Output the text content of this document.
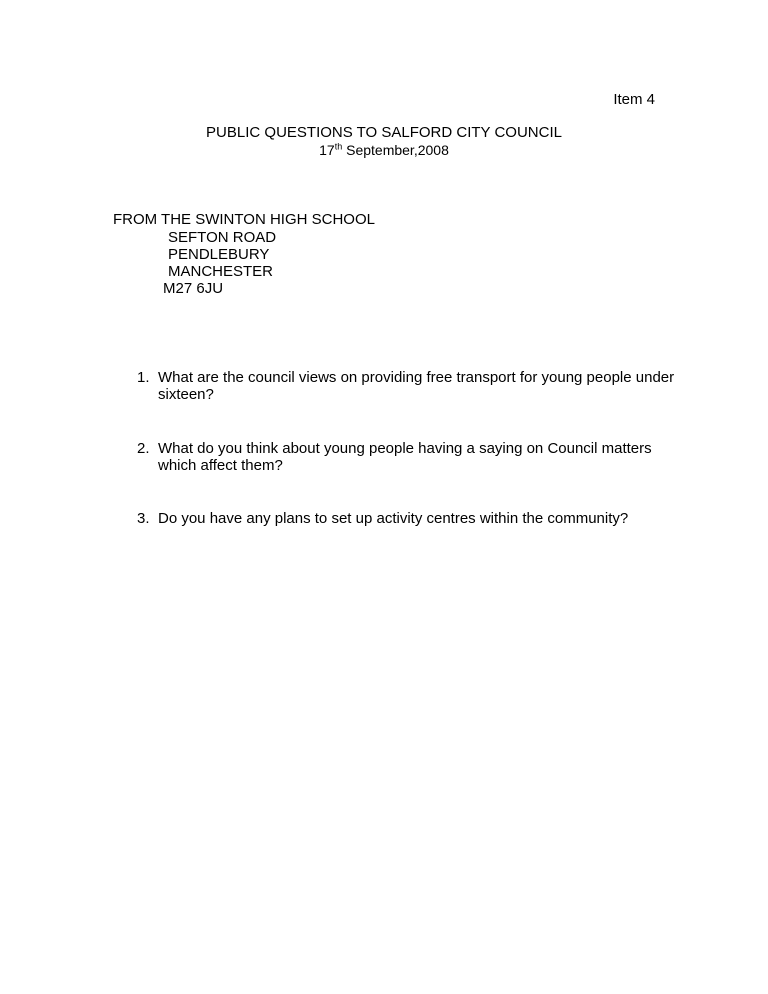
Item 4
PUBLIC QUESTIONS TO SALFORD CITY COUNCIL
17th September,2008
FROM THE SWINTON HIGH SCHOOL
SEFTON ROAD
PENDLEBURY
MANCHESTER
M27 6JU
1. What are the council views on providing free transport for young people under sixteen?
2.What do you think about young people having a saying on Council matters which affect them?
3.Do you have any plans to set up activity centres within the community?
